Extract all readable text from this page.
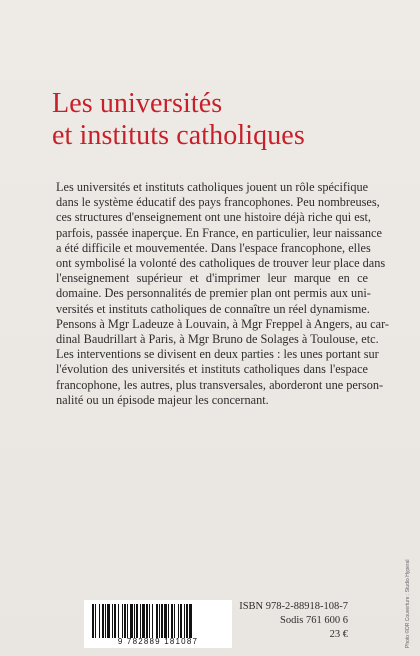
Les universités
et instituts catholiques
Les universités et instituts catholiques jouent un rôle spécifique
dans le système éducatif des pays francophones. Peu nombreuses,
ces structures d'enseignement ont une histoire déjà riche qui est,
parfois, passée inaperçue. En France, en particulier, leur naissance
a été difficile et mouvementée. Dans l'espace francophone, elles
ont symbolisé la volonté des catholiques de trouver leur place dans
l'enseignement supérieur et d'imprimer leur marque en ce
domaine. Des personnalités de premier plan ont permis aux uni-
versités et instituts catholiques de connaître un réel dynamisme.
Pensons à Mgr Ladeuze à Louvain, à Mgr Freppel à Angers, au car-
dinal Baudrillart à Paris, à Mgr Bruno de Solages à Toulouse, etc.
Les interventions se divisent en deux parties : les unes portant sur
l'évolution des universités et instituts catholiques dans l'espace
francophone, les autres, plus transversales, aborderont une person-
nalité ou un épisode majeur les concernant.
9 782889 181087
ISBN 978-2-88918-108-7
Sodis 761 600 6
23 €	Photo ©DR Couverture : Studio Hyperal
